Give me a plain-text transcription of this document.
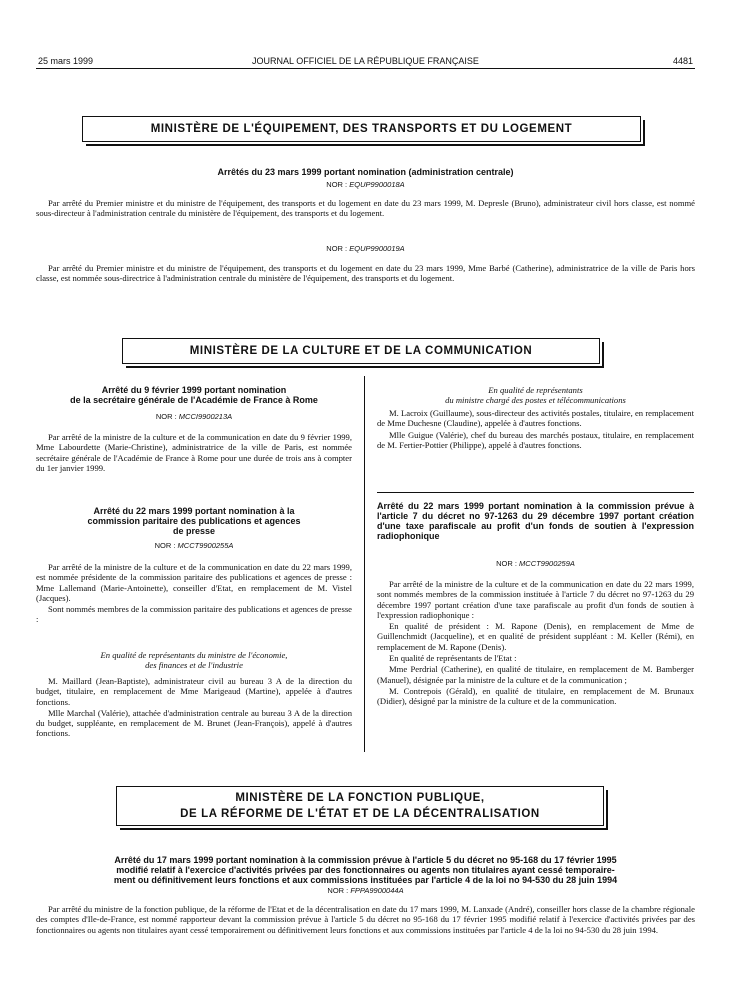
25 mars 1999	JOURNAL OFFICIEL DE LA RÉPUBLIQUE FRANÇAISE	4481
MINISTÈRE DE L'ÉQUIPEMENT, DES TRANSPORTS ET DU LOGEMENT
Arrêtés du 23 mars 1999 portant nomination (administration centrale)
NOR : EQUP9900018A

Par arrêté du Premier ministre et du ministre de l'équipement, des transports et du logement en date du 23 mars 1999, M. Depresle (Bruno), administrateur civil hors classe, est nommé sous-directeur à l'administration centrale du ministère de l'équipement, des transports et du logement.

NOR : EQUP9900019A

Par arrêté du Premier ministre et du ministre de l'équipement, des transports et du logement en date du 23 mars 1999, Mme Barbé (Catherine), administratrice de la ville de Paris hors classe, est nommée sous-directrice à l'administration centrale du ministère de l'équipement, des transports et du logement.

MINISTÈRE DE LA CULTURE ET DE LA COMMUNICATION
Arrêté du 9 février 1999 portant nomination
de la secrétaire générale de l'Académie de France à Rome
NOR : MCCI9900213A

Par arrêté de la ministre de la culture et de la communication en date du 9 février 1999, Mme Labourdette (Marie-Christine), administratrice de la ville de Paris, est nommée secrétaire générale de l'Académie de France à Rome pour une durée de trois ans à compter du 1er janvier 1999.

Arrêté du 22 mars 1999 portant nomination à la
commission paritaire des publications et agences
de presse
NOR : MCCT9900255A

Par arrêté de la ministre de la culture et de la communication en date du 22 mars 1999, est nommée présidente de la commission paritaire des publications et agences de presse : Mme Lallemand (Marie-Antoinette), conseiller d'Etat, en remplacement de M. Vistel (Jacques).

Sont nommés membres de la commission paritaire des publications et agences de presse :

En qualité de représentants du ministre de l'économie,
des finances et de l'industrie

M. Maillard (Jean-Baptiste), administrateur civil au bureau 3 A de la direction du budget, titulaire, en remplacement de Mme Marigeaud (Martine), appelée à d'autres fonctions.

Mlle Marchal (Valérie), attachée d'administration centrale au bureau 3 A de la direction du budget, suppléante, en remplacement de M. Brunet (Jean-François), appelé à d'autres fonctions.

En qualité de représentants
du ministre chargé des postes et télécommunications

M. Lacroix (Guillaume), sous-directeur des activités postales, titulaire, en remplacement de Mme Duchesne (Claudine), appelée à d'autres fonctions.

Mlle Guigue (Valérie), chef du bureau des marchés postaux, titulaire, en remplacement de M. Fertier-Pottier (Philippe), appelé à d'autres fonctions.

Arrêté du 22 mars 1999 portant nomination à la commission prévue à l'article 7 du décret no 97-1263 du 29 décembre 1997 portant création d'une taxe parafiscale au profit d'un fonds de soutien à l'expression radiophonique
NOR : MCCT9900259A

Par arrêté de la ministre de la culture et de la communication en date du 22 mars 1999, sont nommés membres de la commission instituée à l'article 7 du décret no 97-1263 du 29 décembre 1997 portant création d'une taxe parafiscale au profit d'un fonds de soutien à l'expression radiophonique :

En qualité de président : M. Rapone (Denis), en remplacement de Mme de Guillenchmidt (Jacqueline), et en qualité de président suppléant : M. Keller (Rémi), en remplacement de M. Rapone (Denis).

En qualité de représentants de l'Etat :

Mme Perdrial (Catherine), en qualité de titulaire, en remplacement de M. Bamberger (Manuel), désignée par la ministre de la culture et de la communication ;

M. Contrepois (Gérald), en qualité de titulaire, en remplacement de M. Brunaux (Didier), désigné par la ministre de la culture et de la communication.

MINISTÈRE DE LA FONCTION PUBLIQUE,
DE LA RÉFORME DE L'ÉTAT ET DE LA DÉCENTRALISATION
Arrêté du 17 mars 1999 portant nomination à la commission prévue à l'article 5 du décret no 95-168 du 17 février 1995
modifié relatif à l'exercice d'activités privées par des fonctionnaires ou agents non titulaires ayant cessé temporaire-
ment ou définitivement leurs fonctions et aux commissions instituées par l'article 4 de la loi no 94-530 du 28 juin 1994
NOR : FPPA9900044A

Par arrêté du ministre de la fonction publique, de la réforme de l'Etat et de la décentralisation en date du 17 mars 1999, M. Lanxade (André), conseiller hors classe de la chambre régionale des comptes d'Ile-de-France, est nommé rapporteur devant la commission prévue à l'article 5 du décret no 95-168 du 17 février 1995 modifié relatif à l'exercice d'activités privées par des fonctionnaires ou agents non titulaires ayant cessé temporairement ou définitivement leurs fonctions et aux commissions instituées par l'article 4 de la loi no 94-530 du 28 juin 1994.
